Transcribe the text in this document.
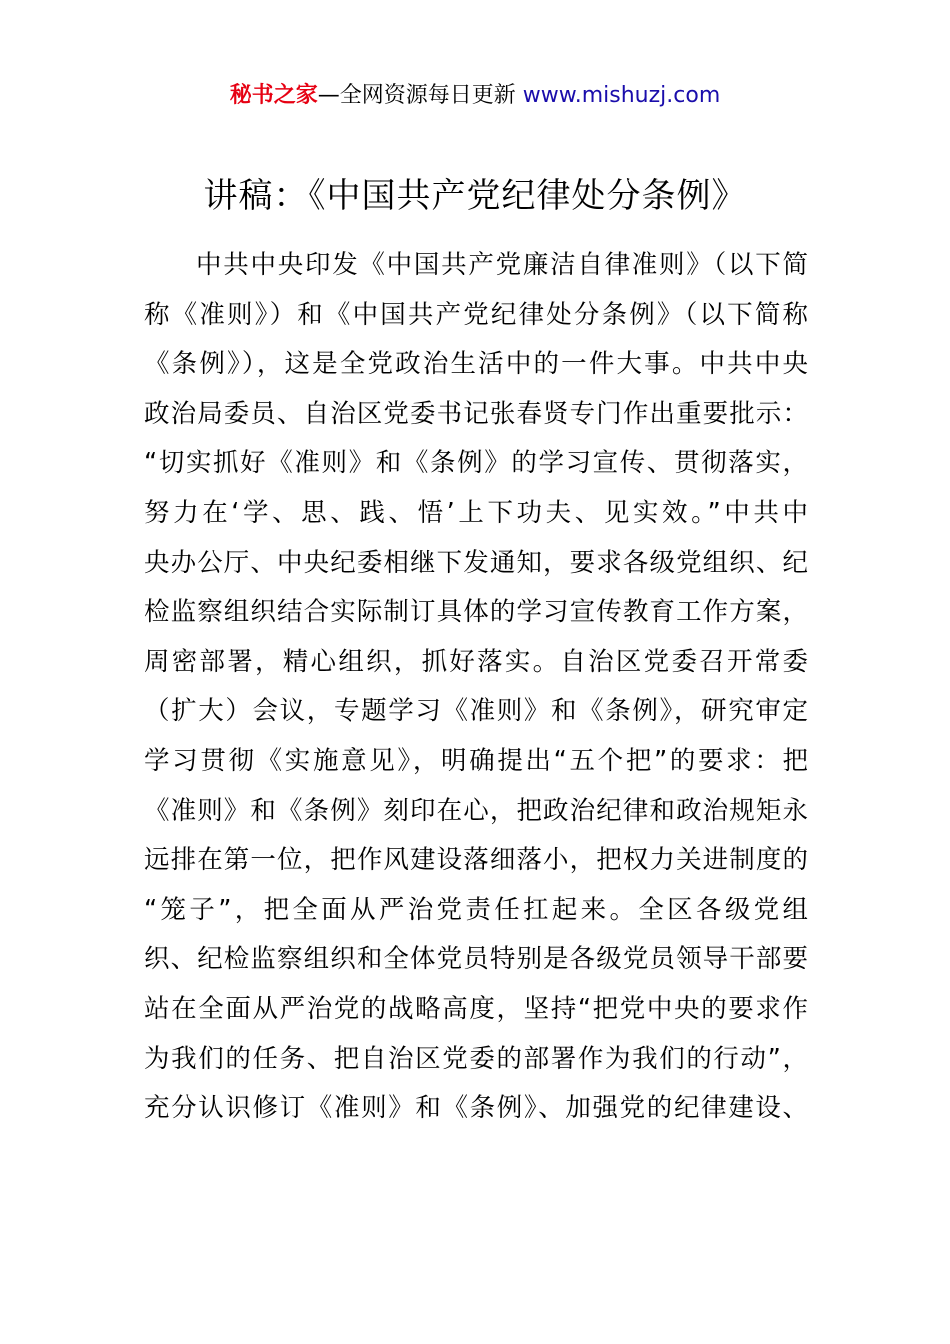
秘书之家—全网资源每日更新 www.mishuzj.com
讲稿：《中国共产党纪律处分条例》
中共中央印发《中国共产党廉洁自律准则》（以下简
称《准则》）和《中国共产党纪律处分条例》（以下简称
《条例》），这是全党政治生活中的一件大事。中共中央
政治局委员、自治区党委书记张春贤专门作出重要批示：
“切实抓好《准则》和《条例》的学习宣传、贯彻落实，
努力在‘学、思、践、悟’上下功夫、见实效。”中共中
央办公厅、中央纪委相继下发通知，要求各级党组织、纪
检监察组织结合实际制订具体的学习宣传教育工作方案，
周密部署，精心组织，抓好落实。自治区党委召开常委
（扩大）会议，专题学习《准则》和《条例》，研究审定
学习贯彻《实施意见》，明确提出“五个把”的要求：把
《准则》和《条例》刻印在心，把政治纪律和政治规矩永
远排在第一位，把作风建设落细落小，把权力关进制度的
“笼子”，把全面从严治党责任扛起来。全区各级党组
织、纪检监察组织和全体党员特别是各级党员领导干部要
站在全面从严治党的战略高度，坚持“把党中央的要求作
为我们的任务、把自治区党委的部署作为我们的行动”，
充分认识修订《准则》和《条例》、加强党的纪律建设、
